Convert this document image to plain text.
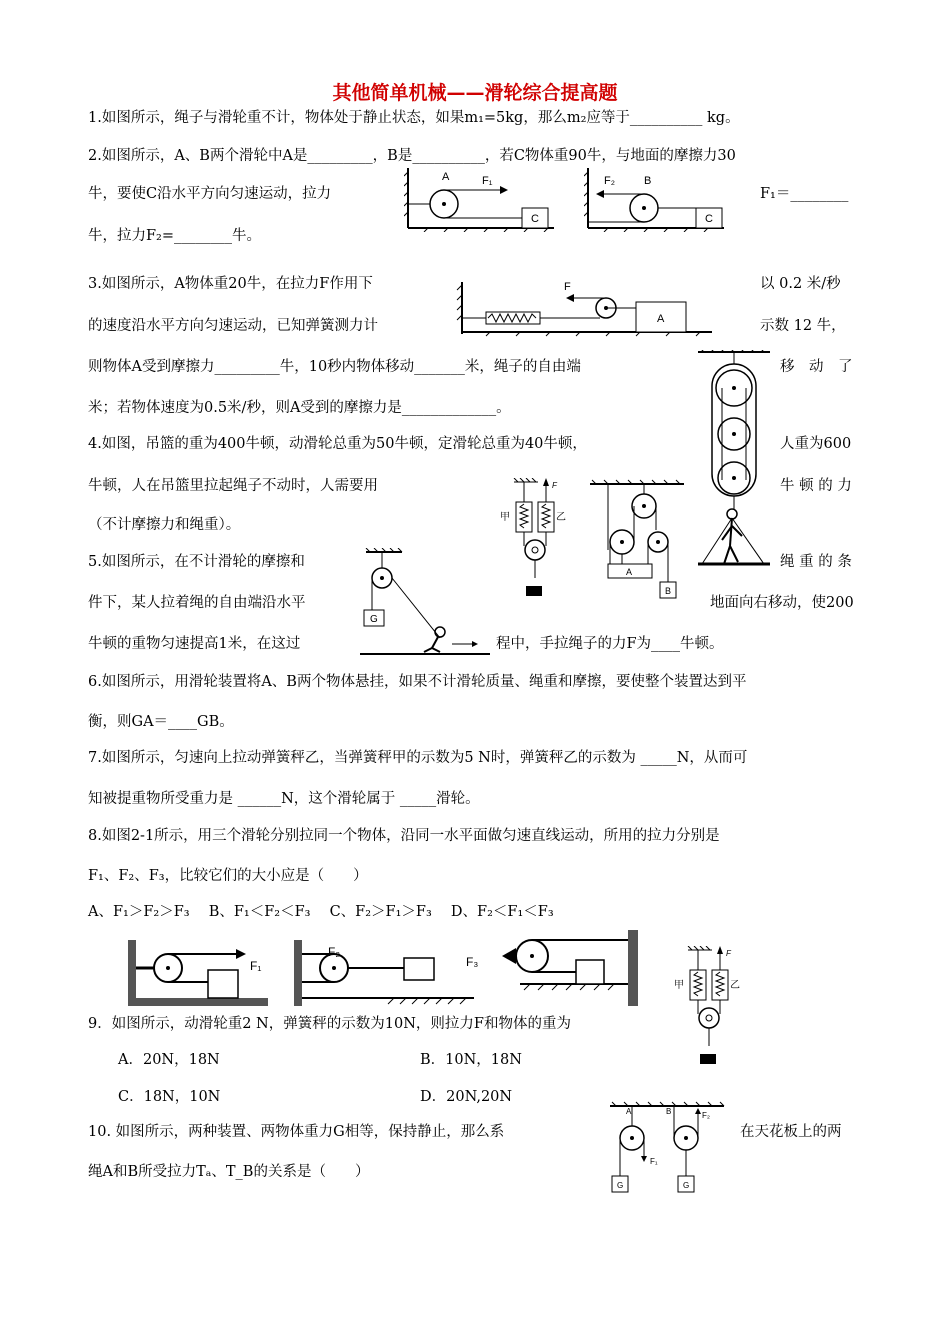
其他简单机械——滑轮综合提高题
1.如图所示，绳子与滑轮重不计，物体处于静止状态，如果m₁=5kg，那么m₂应等于__________ kg。
2.如图所示，A、B两个滑轮中A是_________，B是__________，若C物体重90牛，与地面的摩擦力30
牛，要使C沿水平方向匀速运动，拉力	F₁＝________
牛，拉力F₂=________牛。
A	F₁
C
F₂	B
C
3.如图所示，A物体重20牛，在拉力F作用下	以 0.2 米/秒
的速度沿水平方向匀速运动，已知弹簧测力计	示数 12 牛，
则物体A受到摩擦力_________牛，10秒内物体移动_______米，绳子的自由端	移　动　了
米；若物体速度为0.5米/秒，则A受到的摩擦力是_____________。
F
A
4.如图，吊篮的重为400牛顿，动滑轮总重为50牛顿，定滑轮总重为40牛顿，	人重为600
牛顿，人在吊篮里拉起绳子不动时，人需要用	牛 顿 的 力
（不计摩擦力和绳重）。	甲	乙
F
A
B
G
5.如图所示，在不计滑轮的摩擦和	绳 重 的 条
件下，某人拉着绳的自由端沿水平	地面向右移动，使200
牛顿的重物匀速提高1米，在这过	程中，手拉绳子的力F为____牛顿。
6.如图所示，用滑轮装置将A、B两个物体悬挂，如果不计滑轮质量、绳重和摩擦，要使整个装置达到平
衡，则GA＝____GB。
7.如图所示，匀速向上拉动弹簧秤乙，当弹簧秤甲的示数为5 N时，弹簧秤乙的示数为 _____N，从而可
知被提重物所受重力是 ______N，这个滑轮属于 _____滑轮。
8.如图2-1所示，用三个滑轮分别拉同一个物体，沿同一水平面做匀速直线运动，所用的拉力分别是
F₁、F₂、F₃，比较它们的大小应是（　　）
A、F₁＞F₂＞F₃　 B、F₁＜F₂＜F₃　 C、F₂＞F₁＞F₃　 D、F₂＜F₁＜F₃
F₁
F₂
F₃
甲	乙
F
9．如图所示，动滑轮重2 N，弹簧秤的示数为10N，则拉力F和物体的重为
A．20N，18N	B．10N，18N
C．18N，10N	D．20N,20N
A	B
F₁
F₂
G	G
10. 如图所示，两种装置、两物体重力G相等，保持静止，那么系	在天花板上的两
绳A和B所受拉力Tₐ、T_B的关系是（　　）
